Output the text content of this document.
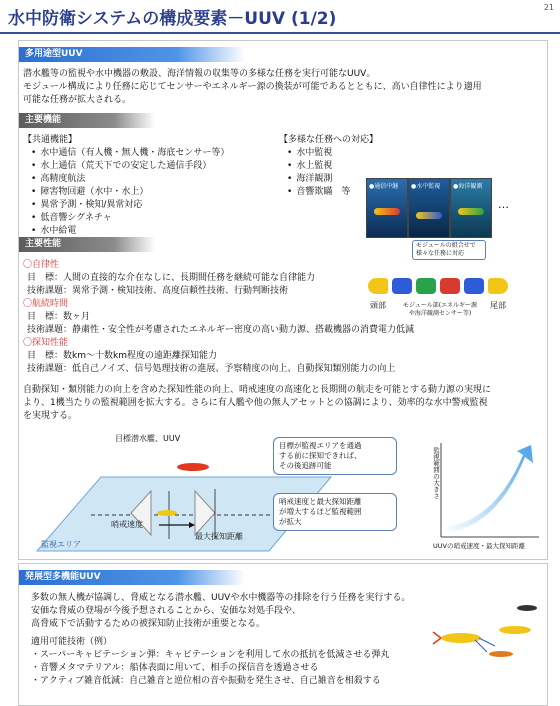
水中防衛システムの構成要素－UUV (1/2)
21
多用途型UUV
潜水艦等の監視や水中機器の敷設、海洋情報の収集等の多様な任務を実行可能なUUV。
モジュール構成により任務に応じてセンサーやエネルギー源の換装が可能であるとともに、高い自律性により適用
可能な任務が拡大される。
主要機能
【共通機能】
• 水中通信（有人機・無人機・海底センサー等）
• 水上通信（荒天下での安定した通信手段）
• 高精度航法
• 障害物回避（水中・水上）
• 異常予測・検知/異常対応
• 低音響シグネチャ
• 水中給電
【多様な任務への対応】
• 水中監視
• 水上監視
• 海洋観測
• 音響欺瞞　等
●通信中継 ●水中監視 ●海洋観測
…
モジュールの組合せで様々な任務に対応
頭部	尾部
モジュール部(エネルギー源や海洋観測センサー等)
主要性能
〇自律性
目　標：人間の直接的な介在なしに、長期間任務を継続可能な自律能力
技術課題：異常予測・検知技術、高度信頼性技術、行動判断技術
〇航続時間
目　標：数ヶ月
技術課題：静粛性・安全性が考慮されたエネルギー密度の高い動力源、搭載機器の消費電力低減
〇探知性能
目　標：数km～十数km程度の遠距離探知能力
技術課題：低自己ノイズ、信号処理技術の進展、予察精度の向上、自動探知類別能力の向上
自動探知・類別能力の向上を含めた探知性能の向上、哨戒速度の高速化と長期間の航走を可能とする動力源の実現に
より、1機当たりの監視範囲を拡大する。さらに有人艦や他の無人アセットとの協調により、効率的な水中警戒監視
を実現する。
目標潜水艦、UUV
哨戒速度
最大探知距離
監視エリア
目標が監視エリアを通過
する前に探知できれば、
その後追跡可能
哨戒速度と最大探知距離
が増大するほど監視範囲
が拡大
監視範囲の大きさ
UUVの哨戒速度・最大探知距離
発展型多機能UUV
多数の無人機が協調し、脅威となる潜水艦、UUVや水中機器等の排除を行う任務を実行する。
安価な脅威の登場が今後予想されることから、安価な対処手段や、
高脅威下で活動するための被探知防止技術が重要となる。
適用可能技術（例）
・スーパーキャビテーション弾：キャビテーションを利用して水の抵抗を低減させる弾丸
・音響メタマテリアル：船体表面に用いて、相手の探信音を透過させる
・アクティブ雑音低減：自己雑音と逆位相の音や振動を発生させ、自己雑音を相殺する
